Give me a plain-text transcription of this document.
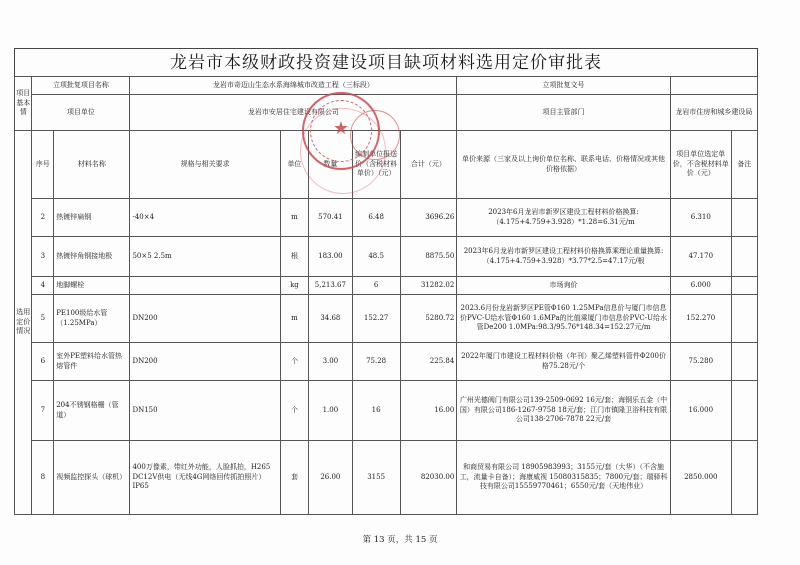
龙岩市本级财政投资建设项目缺项材料选用定价审批表
项目
基本情	立项批复项目名称		龙岩市奇迈山生态水系海绵城市改造工程（三标段）					立项批复文号		
	项目单位		龙岩市安居住宅建设有限公司					项目主管部门	龙岩市住房和城乡建设局	
选用定价情况	序号	材料名称	规格与相关要求	单位	数量	编制单位报送价（含税材料单价）（元）	合计（元）	单价来源（三家及以上询价单位名称、联系电话、价格情况或其他价格依据）	项目单位选定单价，不含税材料单价（元）	备注
	2	热镀锌扁钢	-40×4	m	570.41	6.48	3696.26	2023年6月龙岩市新罗区建设工程材料价格换算:（4.175+4.759+3.928）*1.28=6.31元/m	6.310	
	3	热镀锌角钢接地极	50×5 2.5m	根	183.00	48.5	8875.50	2023年6月龙岩市新罗区建设工程材料价格换算乘理论重量换算:（4.175+4.759+3.928）*3.77*2.5=47.17元/根	47.170	
	4	地脚螺栓		kg	5,213.67	6	31282.02	市场询价	6.000	
	5	PE100级给水管（1.25MPa）	DN200	m	34.68	152.27	5280.72	2023.6月份龙岩新罗区PE管Φ160 1.25MPa信息价与厦门市信息价PVC-U给水管Φ160 1.6MPa的比值乘厦门市信息价PVC-U给水管De200 1.0MPa:98.3/95.76*148.34=152.27元/m	152.270	
	6	室外PE塑料给水管热熔管件	DN200	个	3.00	75.28	225.84	2022年厦门市建设工程材料价格（年刊）聚乙烯塑料管件Φ200价格75.28元/个	75.280	
	7	204不锈钢格栅（管道）	DN150	个	1.00	16	16.00	广州光德阀门有限公司139-2509-0692 16元/套；海钢乐五金（中国）有限公司186-1267-9758 18元/套；江门市镇隆卫浴科技有限公司138-2706-7878 22元/套	16.000	
	8	视频监控探头（球机）	400万像素，带红外功能，人脸抓拍，H265 DC12V供电（无线4G网络回传抓拍照片）IP65	套	26.00	3155	82030.00	和商贸易有限公司 18905983993；3155元/套（大华）（不含施工，流量卡自备）；海康威视 15080315835；7800元/套；瑞驿科技有限公司15559770461；6550元/套（天地伟业）	2850.000	
★
第 13 页，共 15 页
